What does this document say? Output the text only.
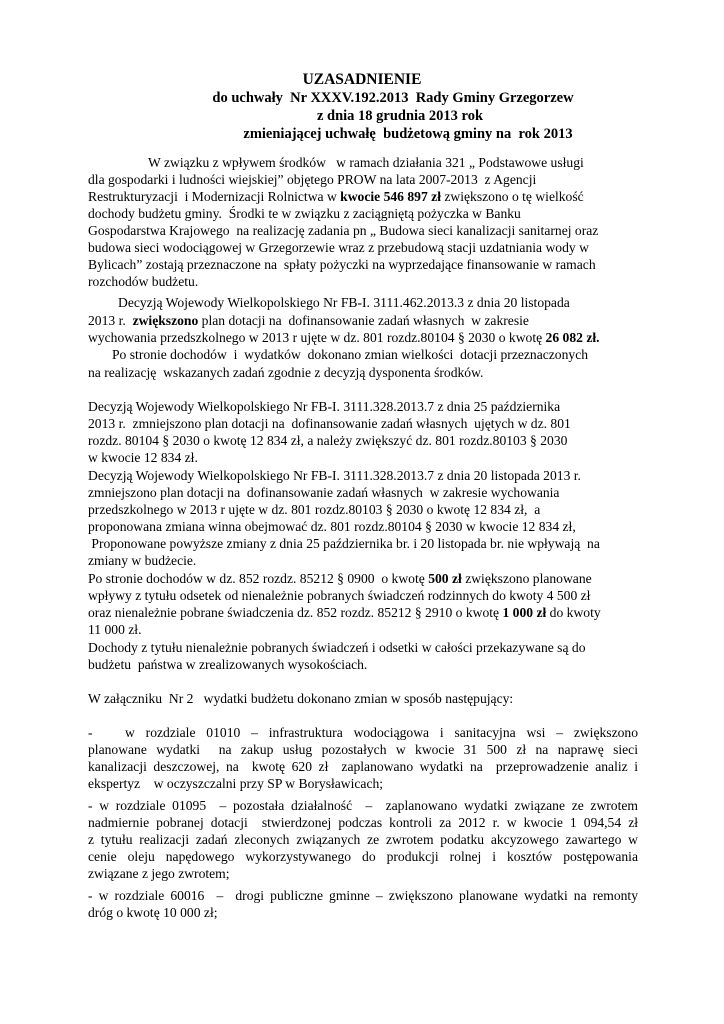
UZASADNIENIE
do uchwały  Nr XXXV.192.2013  Rady Gminy Grzegorzew
z dnia 18 grudnia 2013 rok
zmieniającej uchwałę  budżetową gminy na  rok 2013
W związku z wpływem środków   w ramach działania 321 „ Podstawowe usługi
dla gospodarki i ludności wiejskiej” objętego PROW na lata 2007-2013  z Agencji
Restrukturyzacji  i Modernizacji Rolnictwa w kwocie 546 897 zł zwiększono o tę wielkość
dochody budżetu gminy.  Środki te w związku z zaciągniętą pożyczka w Banku
Gospodarstwa Krajowego  na realizację zadania pn „ Budowa sieci kanalizacji sanitarnej oraz
budowa sieci wodociągowej w Grzegorzewie wraz z przebudową stacji uzdatniania wody w
Bylicach” zostają przeznaczone na  spłaty pożyczki na wyprzedające finansowanie w ramach
rozchodów budżetu.
Decyzją Wojewody Wielkopolskiego Nr FB-I. 3111.462.2013.3 z dnia 20 listopada
2013 r.  zwiększono plan dotacji na  dofinansowanie zadań własnych  w zakresie
wychowania przedszkolnego w 2013 r ujęte w dz. 801 rozdz.80104 § 2030 o kwotę 26 082 zł.
Po stronie dochodów  i  wydatków  dokonano zmian wielkości  dotacji przeznaczonych
na realizację  wskazanych zadań zgodnie z decyzją dysponenta środków.
Decyzją Wojewody Wielkopolskiego Nr FB-I. 3111.328.2013.7 z dnia 25 października
2013 r.  zmniejszono plan dotacji na  dofinansowanie zadań własnych  ujętych w dz. 801
rozdz. 80104 § 2030 o kwotę 12 834 zł, a należy zwiększyć dz. 801 rozdz.80103 § 2030
w kwocie 12 834 zł.
Decyzją Wojewody Wielkopolskiego Nr FB-I. 3111.328.2013.7 z dnia 20 listopada 2013 r.
zmniejszono plan dotacji na  dofinansowanie zadań własnych  w zakresie wychowania
przedszkolnego w 2013 r ujęte w dz. 801 rozdz.80103 § 2030 o kwotę 12 834 zł,  a
proponowana zmiana winna obejmować dz. 801 rozdz.80104 § 2030 w kwocie 12 834 zł,
Proponowane powyższe zmiany z dnia 25 października br. i 20 listopada br. nie wpływają  na
zmiany w budżecie.
Po stronie dochodów w dz. 852 rozdz. 85212 § 0900  o kwotę 500 zł zwiększono planowane
wpływy z tytułu odsetek od nienależnie pobranych świadczeń rodzinnych do kwoty 4 500 zł
oraz nienależnie pobrane świadczenia dz. 852 rozdz. 85212 § 2910 o kwotę 1 000 zł do kwoty
11 000 zł.
Dochody z tytułu nienależnie pobranych świadczeń i odsetki w całości przekazywane są do
budżetu  państwa w zrealizowanych wysokościach.
W załączniku  Nr 2   wydatki budżetu dokonano zmian w sposób następujący:
-   w rozdziale 01010 – infrastruktura wodociągowa i sanitacyjna wsi – zwiększono
planowane wydatki  na zakup usług pozostałych w kwocie 31 500 zł na naprawę sieci
kanalizacji deszczowej, na  kwotę 620 zł  zaplanowano wydatki na  przeprowadzenie analiz i
ekspertyz    w oczyszczalni przy SP w Borysławicach;
- w rozdziale 01095  – pozostała działalność  –  zaplanowano wydatki związane ze zwrotem
nadmiernie pobranej dotacji  stwierdzonej podczas kontroli za 2012 r. w kwocie 1 094,54 zł
z tytułu realizacji zadań zleconych związanych ze zwrotem podatku akcyzowego zawartego w
cenie oleju napędowego wykorzystywanego do produkcji rolnej i kosztów postępowania
związane z jego zwrotem;
- w rozdziale 60016  –  drogi publiczne gminne – zwiększono planowane wydatki na remonty
dróg o kwotę 10 000 zł;
